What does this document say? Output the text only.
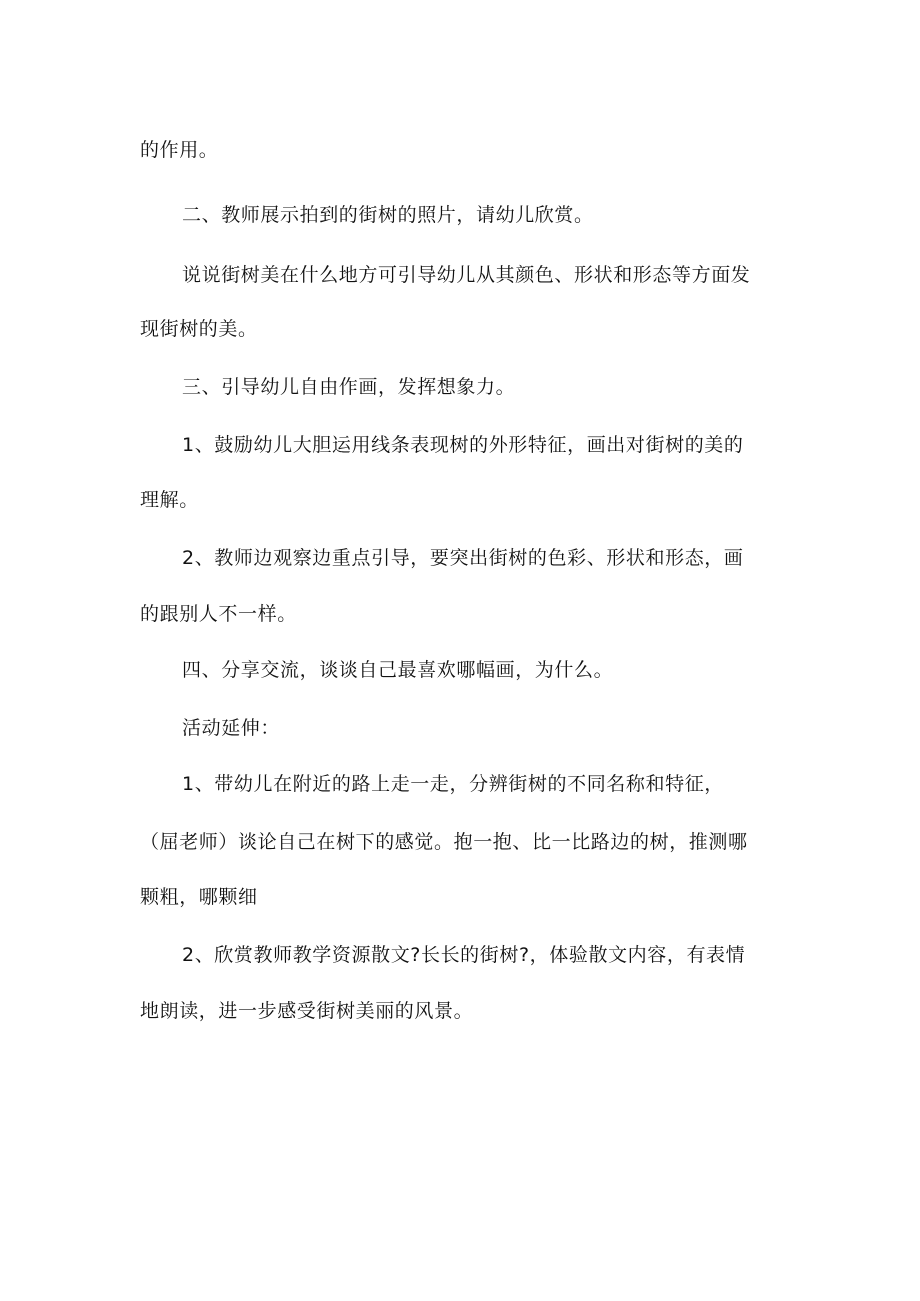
的作用。

二、教师展示拍到的街树的照片，请幼儿欣赏。

说说街树美在什么地方可引导幼儿从其颜色、形状和形态等方面发

现街树的美。

三、引导幼儿自由作画，发挥想象力。

1、鼓励幼儿大胆运用线条表现树的外形特征，画出对街树的美的

理解。

2、教师边观察边重点引导，要突出街树的色彩、形状和形态，画

的跟别人不一样。

四、分享交流，谈谈自己最喜欢哪幅画，为什么。

活动延伸：

1、带幼儿在附近的路上走一走，分辨街树的不同名称和特征，

（屈老师）谈论自己在树下的感觉。抱一抱、比一比路边的树，推测哪

颗粗，哪颗细

2、欣赏教师教学资源散文?长长的街树?，体验散文内容，有表情

地朗读，进一步感受街树美丽的风景。
